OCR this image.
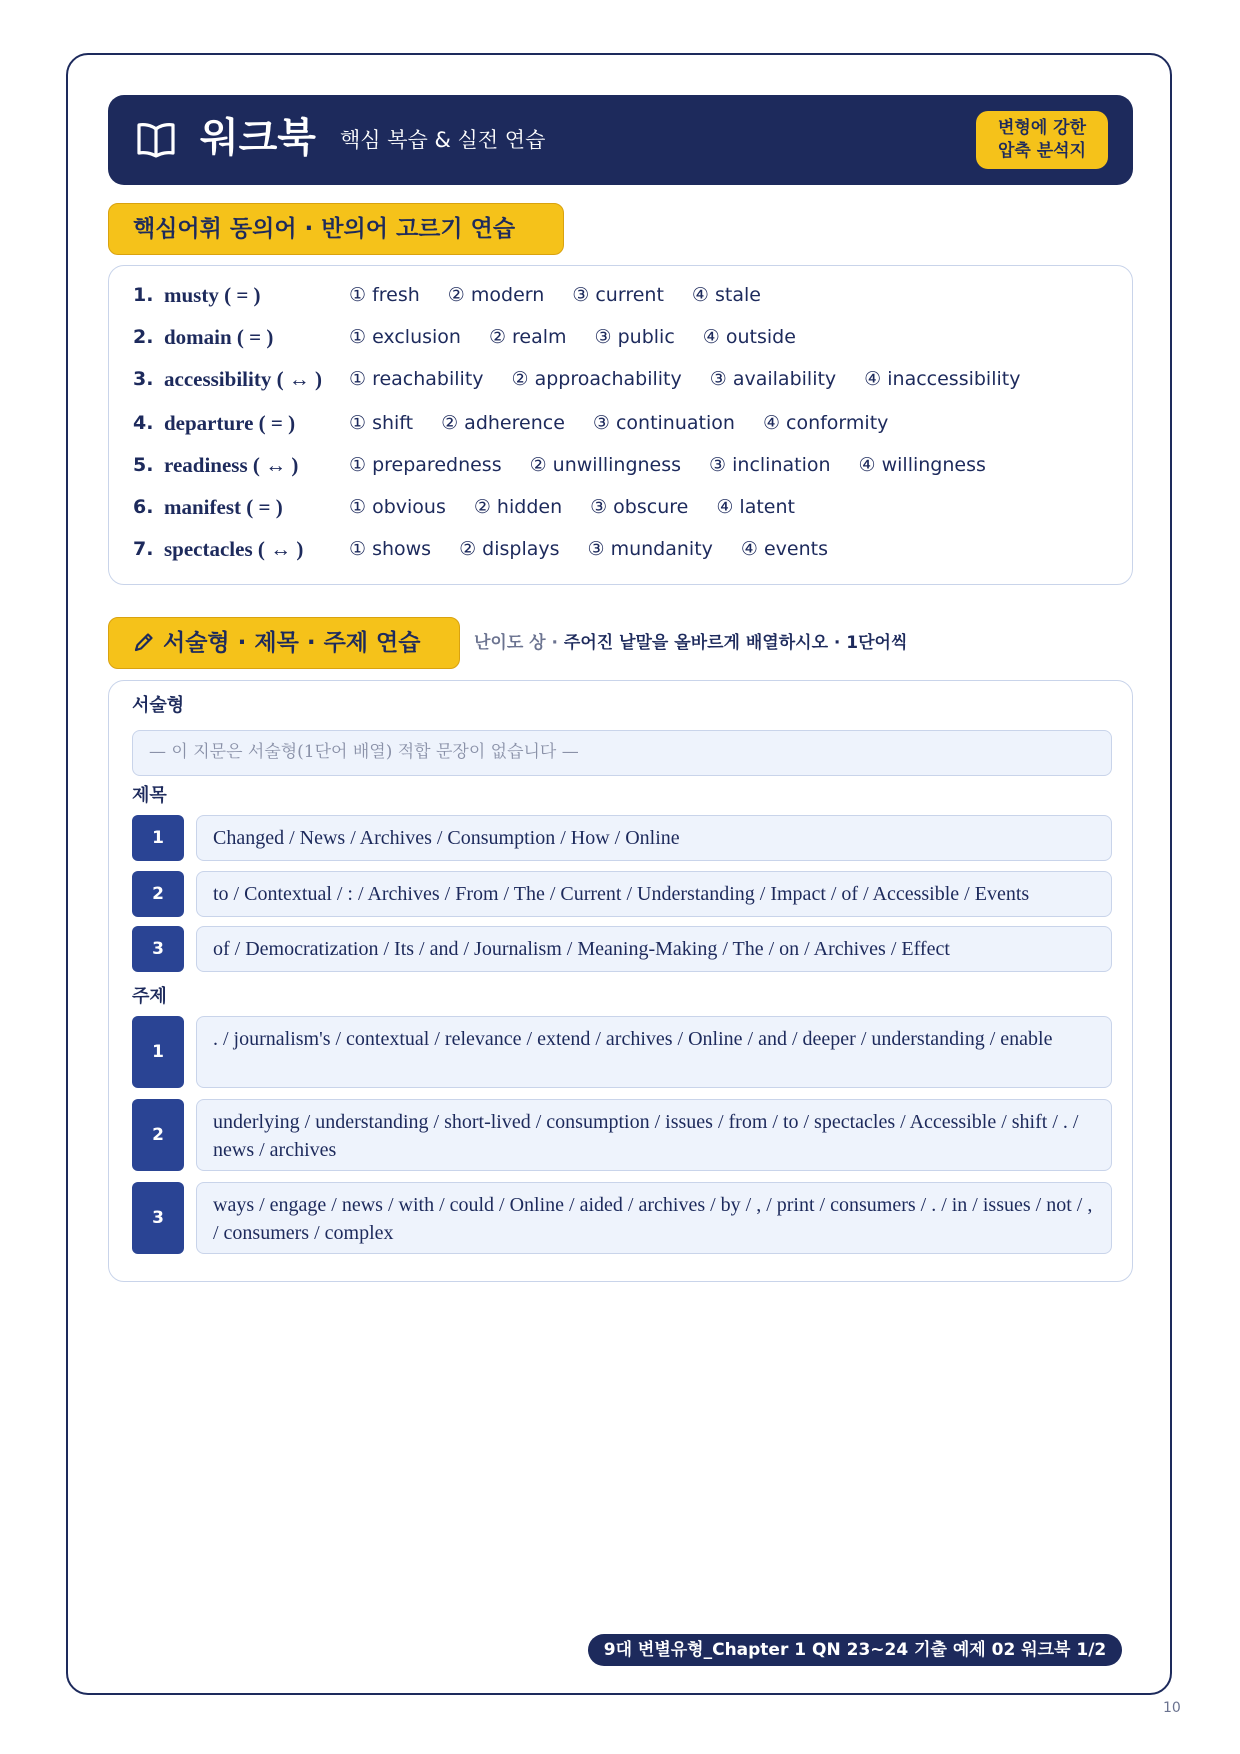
워크북 핵심 복습 & 실전 연습	변형에 강한
압축 분석지
핵심어휘 동의어 · 반의어 고르기 연습
1. musty ( = )	① fresh ② modern ③ current ④ stale
2. domain ( = )	① exclusion ② realm ③ public ④ outside
3. accessibility ( ↔ ) ① reachability ② approachability ③ availability ④ inaccessibility
4. departure ( = )	① shift ② adherence ③ continuation ④ conformity
5. readiness ( ↔ )	① preparedness ② unwillingness ③ inclination ④ willingness
6. manifest ( = )	① obvious ② hidden ③ obscure ④ latent
7. spectacles ( ↔ ) ① shows ② displays ③ mundanity ④ events
서술형 · 제목 · 주제 연습	난이도 상 · 주어진 낱말을 올바르게 배열하시오 · 1단어씩
서술형
— 이 지문은 서술형(1단어 배열) 적합 문장이 없습니다 —
제목
1	Changed / News / Archives / Consumption / How / Online
2	to / Contextual / : / Archives / From / The / Current / Understanding / Impact / of / Accessible / Events
3	of / Democratization / Its / and / Journalism / Meaning-Making / The / on / Archives / Effect
주제
1
. / journalism's / contextual / relevance / extend / archives / Online / and / deeper / understanding / enable
2
underlying / understanding / short-lived / consumption / issues / from / to / spectacles / Accessible / shift / . / news / archives
3
ways / engage / news / with / could / Online / aided / archives / by / , / print / consumers / . / in / issues / not / , / consumers / complex
9대 변별유형_Chapter 1 QN 23~24 기출 예제 02 워크북 1/2
10
